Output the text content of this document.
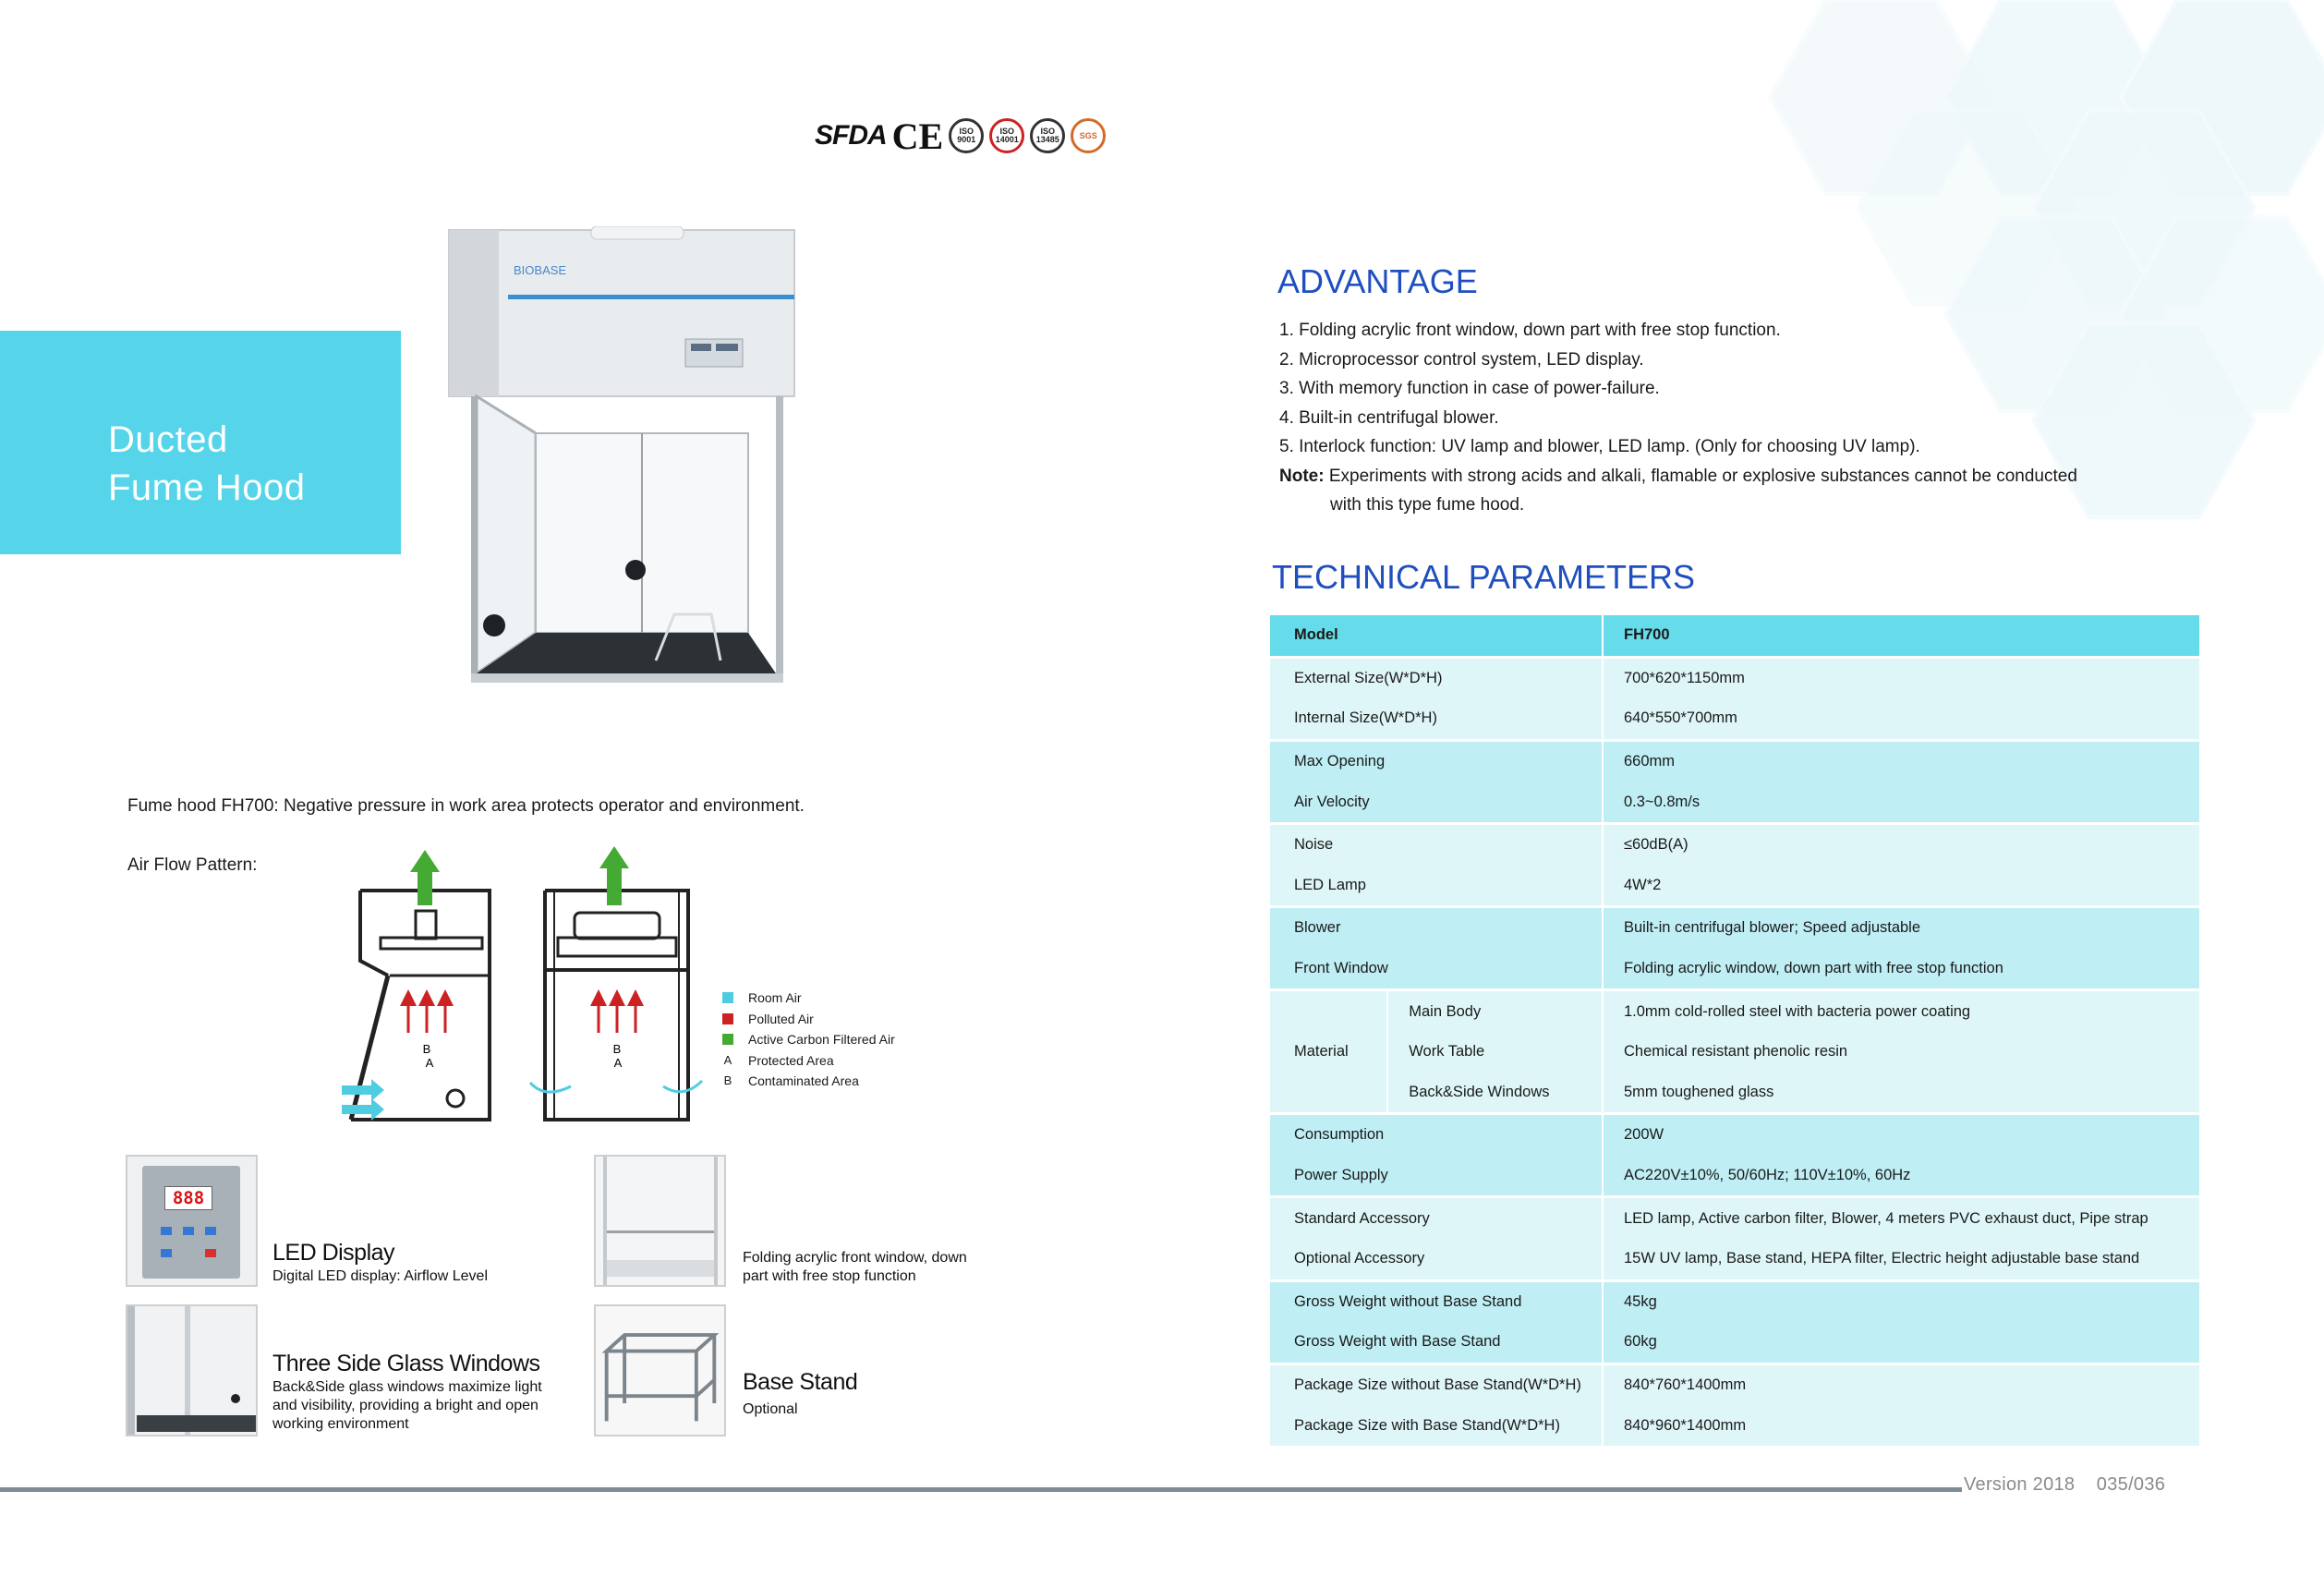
Ducted
Fume Hood
SFDA CE	ISO
9001
ISO
14001
ISO
13485	SGS
BIOBASE	ADVANTAGE
1. Folding acrylic front window, down part with free stop function.
2. Microprocessor control system, LED display.
3. With memory function in case of power-failure.
4. Built-in centrifugal blower.
5. Interlock function: UV lamp and blower, LED lamp. (Only for choosing UV lamp).
Note: Experiments with strong acids and alkali, flamable or explosive substances cannot be conducted
with this type fume hood.
TECHNICAL PARAMETERS
Model		FH700

External Size(W*D*H)		700*620*1150mm
Internal Size(W*D*H)		640*550*700mm

Max Opening		660mm
Air Velocity		0.3~0.8m/s

Noise		≤60dB(A)
LED Lamp		4W*2

Blower		Built-in centrifugal blower; Speed adjustable
Front Window		Folding acrylic window, down part with free stop function

Material	Main Body	1.0mm cold-rolled steel with bacteria power coating
	Work Table	Chemical resistant phenolic resin
	Back&Side Windows	5mm toughened glass

Consumption		200W
Power Supply		AC220V±10%, 50/60Hz; 110V±10%, 60Hz

Standard Accessory		LED lamp, Active carbon filter, Blower, 4 meters PVC exhaust duct, Pipe strap
Optional Accessory		15W UV lamp, Base stand, HEPA filter, Electric height adjustable base stand

Gross Weight without Base Stand		45kg
Gross Weight with Base Stand		60kg

Package Size without Base Stand(W*D*H)		840*760*1400mm
Package Size with Base Stand(W*D*H)		840*960*1400mm
Fume hood FH700: Negative pressure in work area protects operator and environment.
Air Flow Pattern:
B
A
B
A
Room Air
Polluted Air
Active Carbon Filtered Air
A Protected Area
B Contaminated Area
888
LED Display
Digital LED display: Airflow Level
Folding acrylic front window, down
part with free stop function
Three Side Glass Windows
Back&Side glass windows maximize light
and visibility, providing a bright and open
working environment
Base Stand
Optional
Version 2018 035/036
